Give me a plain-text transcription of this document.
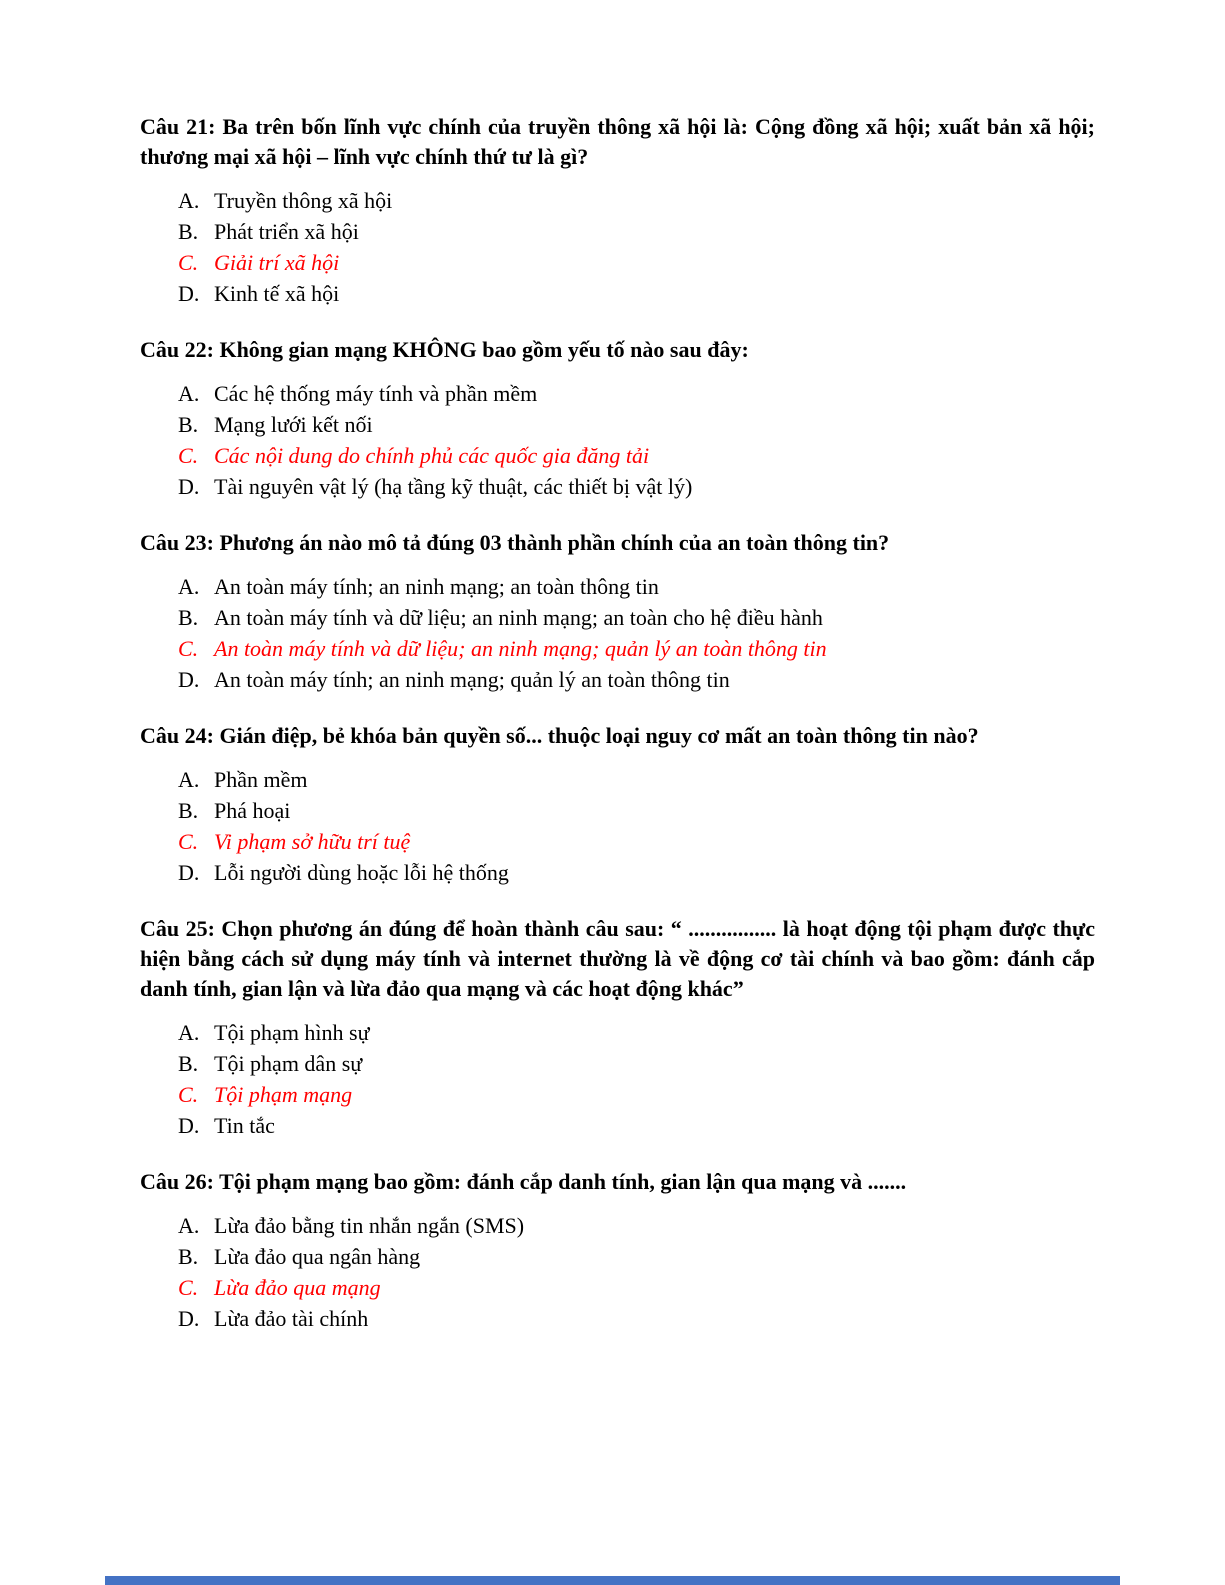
Câu 21: Ba trên bốn lĩnh vực chính của truyền thông xã hội là: Cộng đồng xã hội; xuất bản xã hội; thương mại xã hội – lĩnh vực chính thứ tư là gì?

A. Truyền thông xã hội
B. Phát triển xã hội
C. Giải trí xã hội
D. Kinh tế xã hội

Câu 22: Không gian mạng KHÔNG bao gồm yếu tố nào sau đây:

A. Các hệ thống máy tính và phần mềm
B. Mạng lưới kết nối
C. Các nội dung do chính phủ các quốc gia đăng tải
D. Tài nguyên vật lý (hạ tầng kỹ thuật, các thiết bị vật lý)

Câu 23: Phương án nào mô tả đúng 03 thành phần chính của an toàn thông tin?

A. An toàn máy tính; an ninh mạng; an toàn thông tin
B. An toàn máy tính và dữ liệu; an ninh mạng; an toàn cho hệ điều hành
C. An toàn máy tính và dữ liệu; an ninh mạng; quản lý an toàn thông tin
D. An toàn máy tính; an ninh mạng; quản lý an toàn thông tin

Câu 24: Gián điệp, bẻ khóa bản quyền số... thuộc loại nguy cơ mất an toàn thông tin nào?

A. Phần mềm
B. Phá hoại
C. Vi phạm sở hữu trí tuệ
D. Lỗi người dùng hoặc lỗi hệ thống

Câu 25: Chọn phương án đúng để hoàn thành câu sau: “ ................ là hoạt động tội phạm được thực hiện bằng cách sử dụng máy tính và internet thường là về động cơ tài chính và bao gồm: đánh cắp danh tính, gian lận và lừa đảo qua mạng và các hoạt động khác”

A. Tội phạm hình sự
B. Tội phạm dân sự
C. Tội phạm mạng
D. Tin tắc

Câu 26: Tội phạm mạng bao gồm: đánh cắp danh tính, gian lận qua mạng và .......

A. Lừa đảo bằng tin nhắn ngắn (SMS)
B. Lừa đảo qua ngân hàng
C. Lừa đảo qua mạng
D. Lừa đảo tài chính
